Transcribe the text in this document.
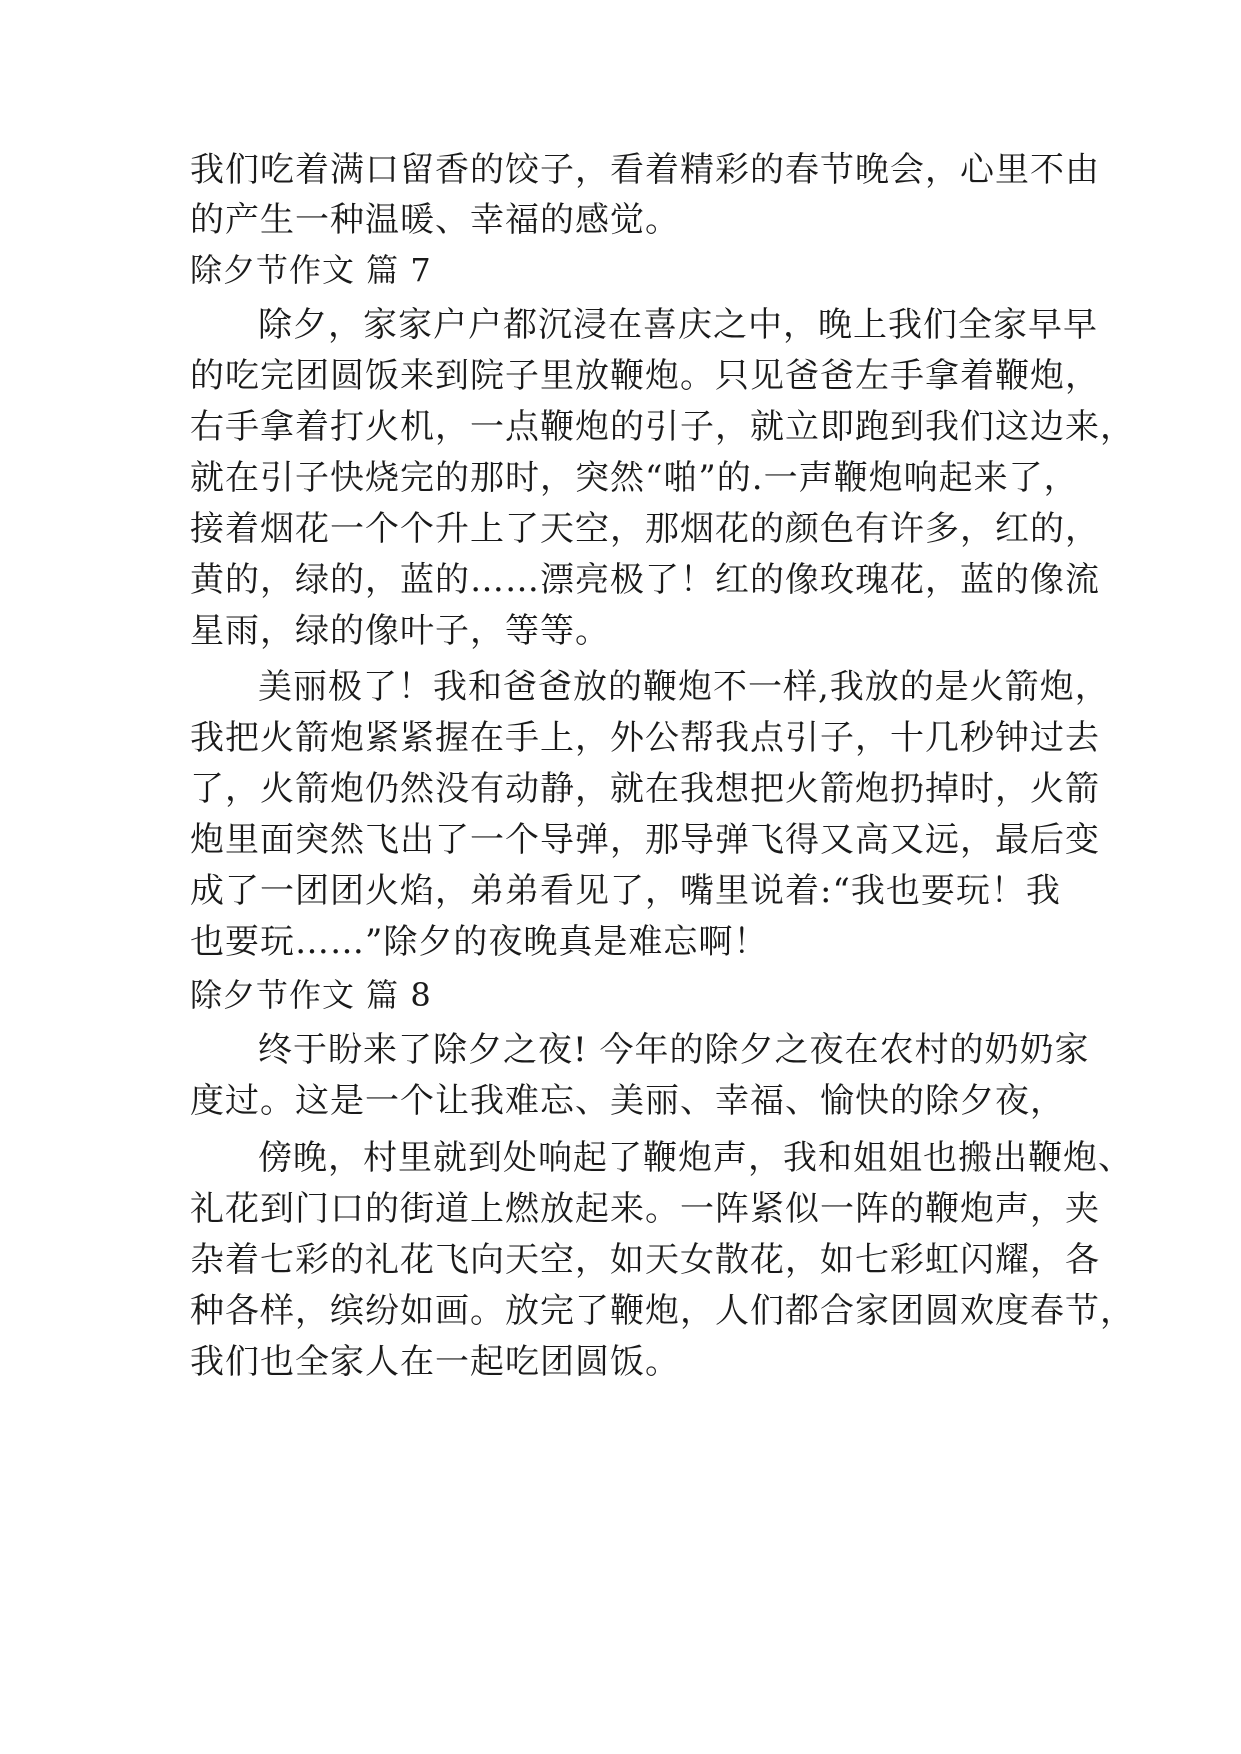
我们吃着满口留香的饺子，看着精彩的春节晚会，心里不由
的产生一种温暖、幸福的感觉。
除夕节作文 篇 7
除夕，家家户户都沉浸在喜庆之中，晚上我们全家早早
的吃完团圆饭来到院子里放鞭炮。只见爸爸左手拿着鞭炮，
右手拿着打火机，一点鞭炮的引子，就立即跑到我们这边来，
就在引子快烧完的那时，突然“啪”的.一声鞭炮响起来了，
接着烟花一个个升上了天空，那烟花的颜色有许多，红的，
黄的，绿的，蓝的……漂亮极了！红的像玫瑰花，蓝的像流
星雨，绿的像叶子，等等。
美丽极了！我和爸爸放的鞭炮不一样,我放的是火箭炮，
我把火箭炮紧紧握在手上，外公帮我点引子，十几秒钟过去
了，火箭炮仍然没有动静，就在我想把火箭炮扔掉时，火箭
炮里面突然飞出了一个导弹，那导弹飞得又高又远，最后变
成了一团团火焰，弟弟看见了，嘴里说着:“我也要玩！我
也要玩……”除夕的夜晚真是难忘啊！
除夕节作文 篇 8
终于盼来了除夕之夜! 今年的除夕之夜在农村的奶奶家
度过。这是一个让我难忘、美丽、幸福、愉快的除夕夜，
傍晚，村里就到处响起了鞭炮声，我和姐姐也搬出鞭炮、
礼花到门口的街道上燃放起来。一阵紧似一阵的鞭炮声，夹
杂着七彩的礼花飞向天空，如天女散花，如七彩虹闪耀，各
种各样，缤纷如画。放完了鞭炮，人们都合家团圆欢度春节，
我们也全家人在一起吃团圆饭。
